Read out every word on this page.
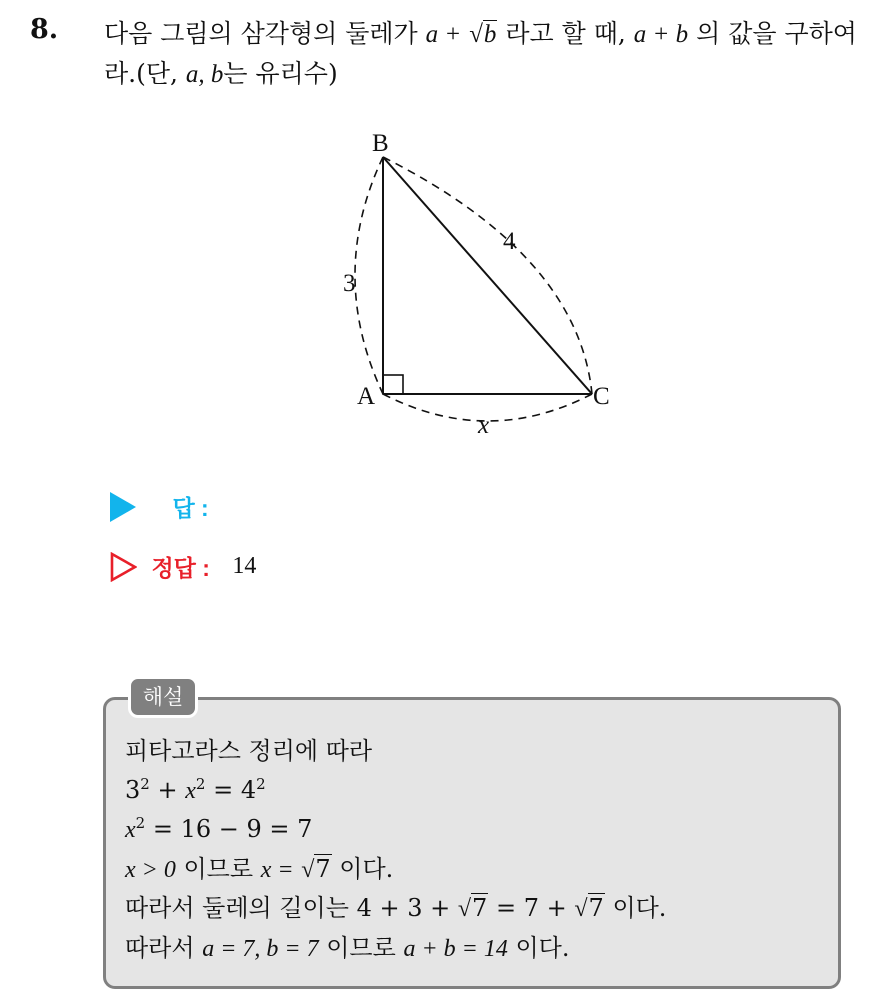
8. 다음 그림의 삼각형의 둘레가 a + √b 라고 할 때, a + b 의 값을 구하여라.(단, a, b는 유리수)
B
A	C
3
4
x
답 :
정답 : 14
해설
피타고라스 정리에 따라
$3^2 + x^2 = 4^2$
$x^2 = 16 - 9 = 7$
x > 0 이므로 x = √7 이다.
따라서 둘레의 길이는 4 + 3 + √7 = 7 + √7 이다.
따라서 a = 7, b = 7 이므로 a + b = 14 이다.
